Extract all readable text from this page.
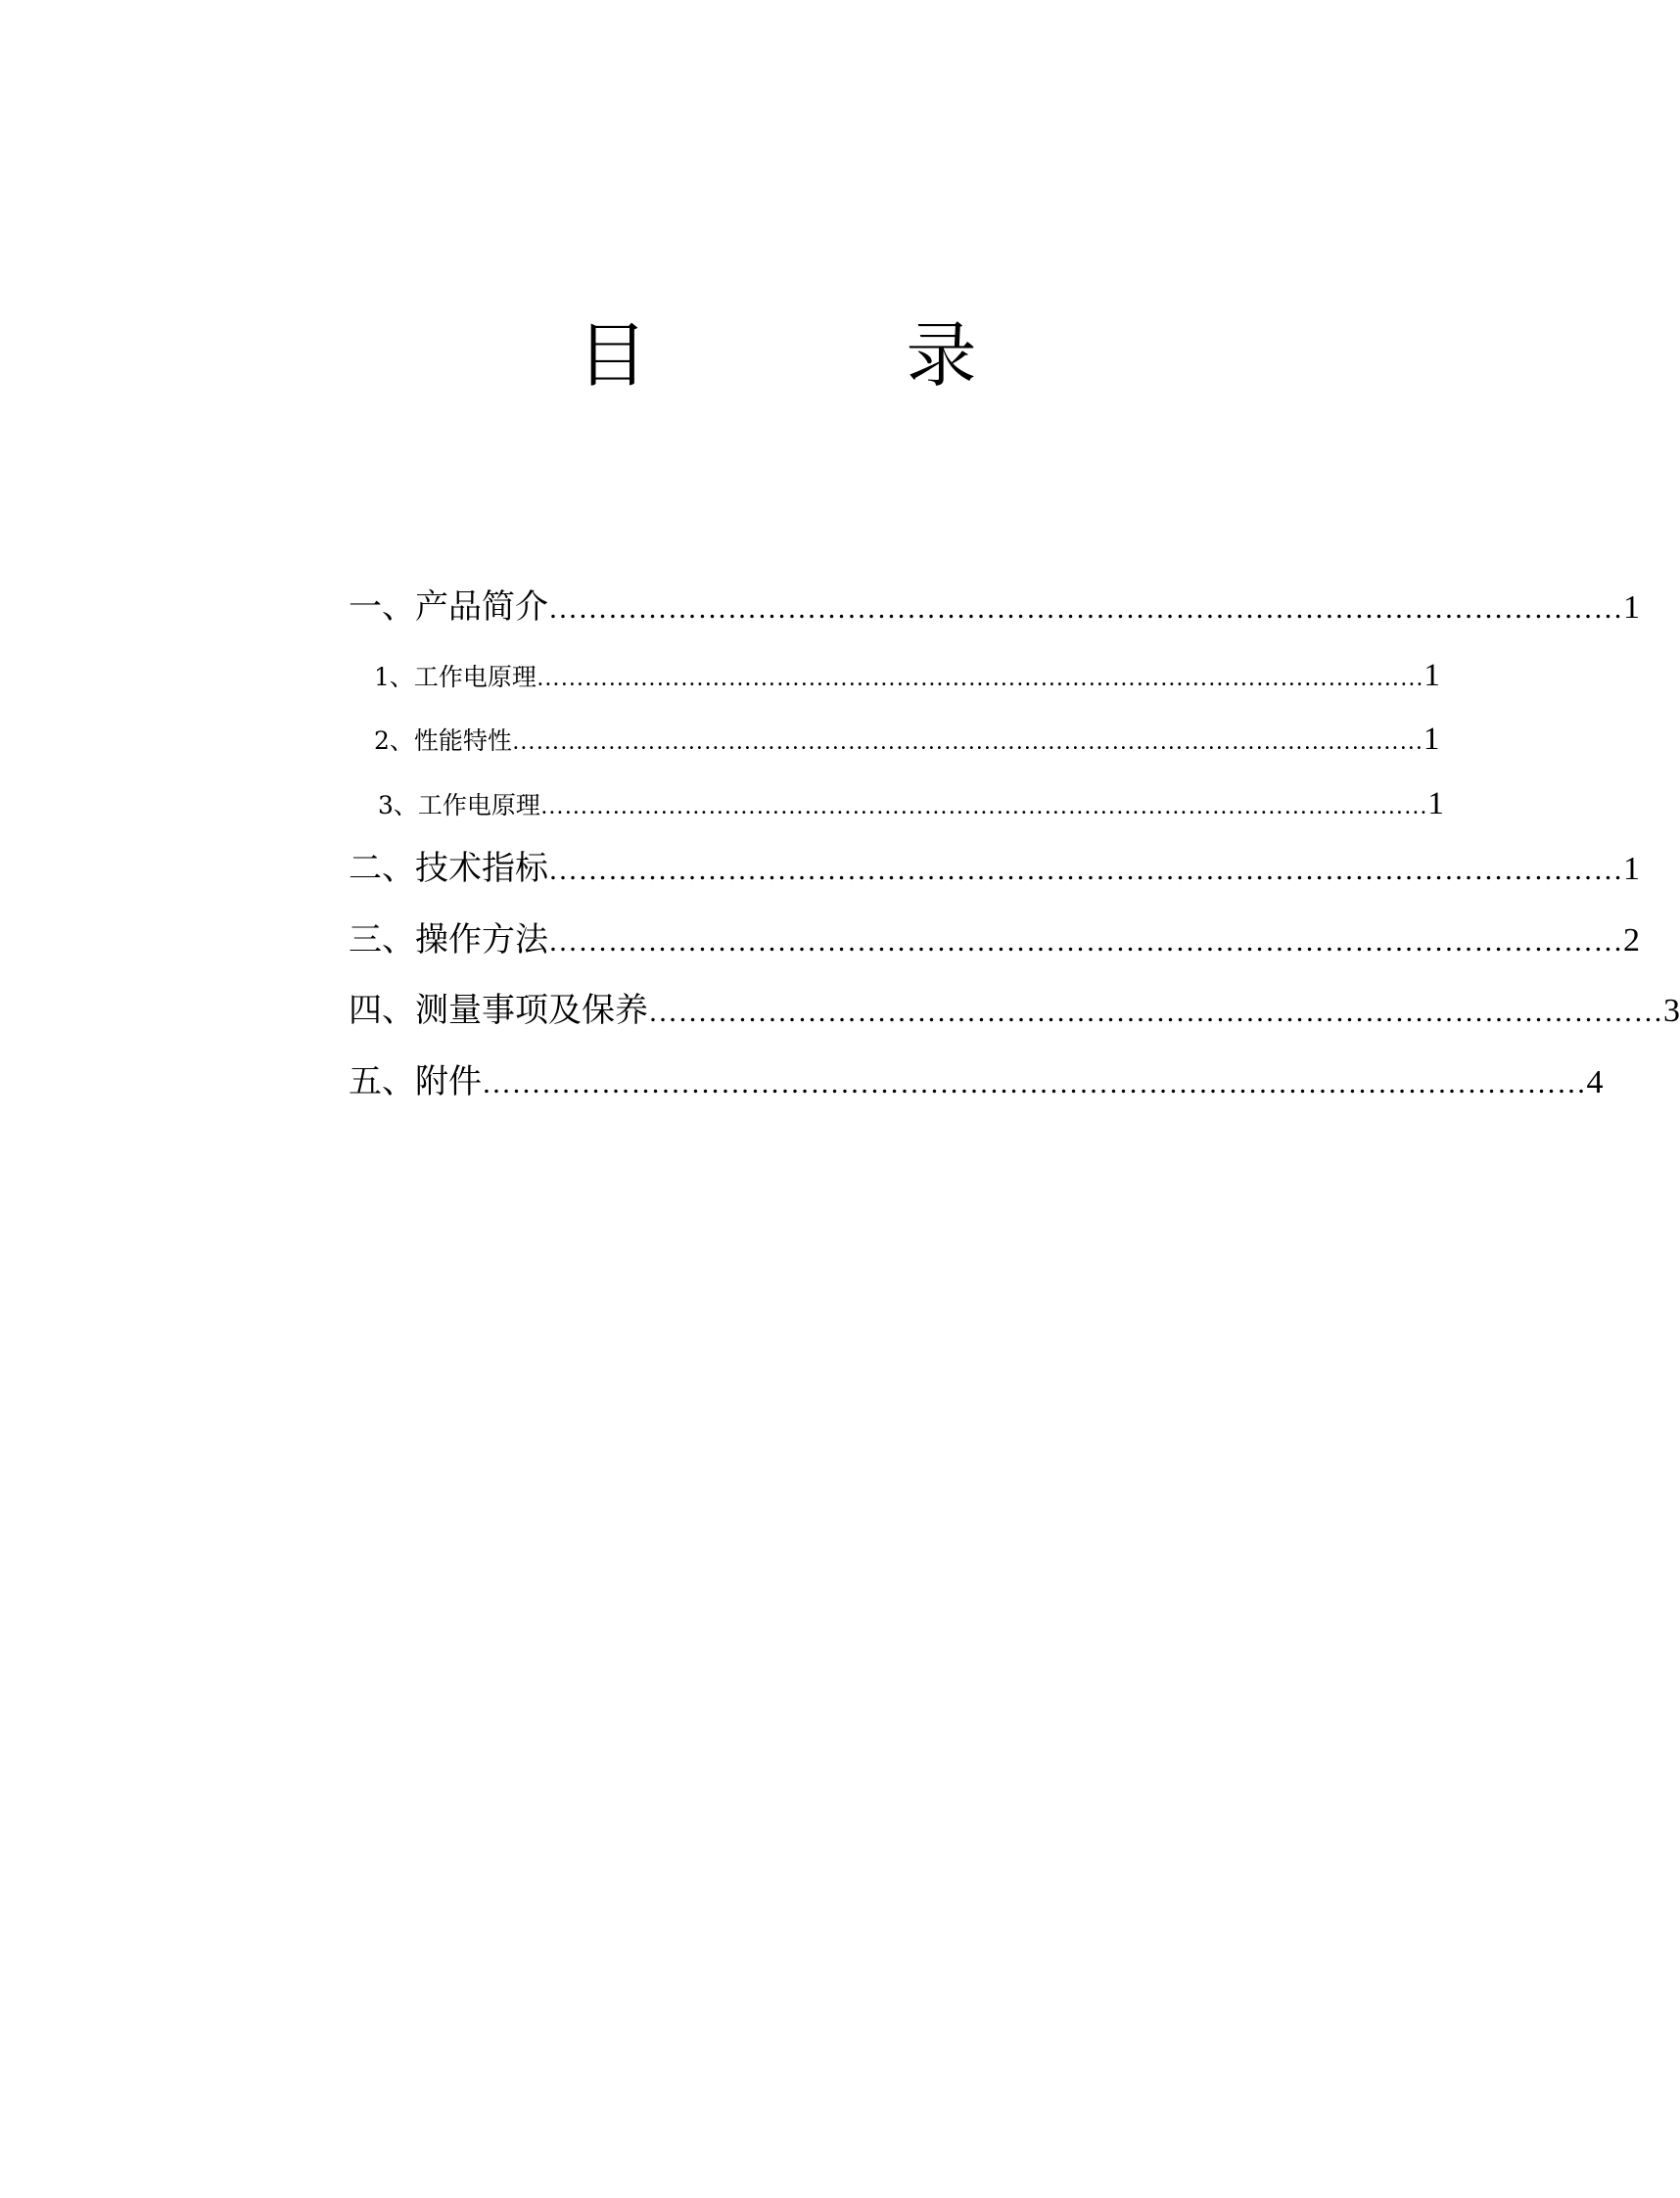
目　录
一、产品简介 ……………………………………………………………………………………………… 1
1、工作电原理 ………………………………………………………………………………………………… 1
2、性能特性 …………………………………………………………………………………………………… 1
3、工作电原理 ………………………………………………………………………………………………… 1
二、技术指标 ……………………………………………………………………………………………… 1
三、操作方法 ……………………………………………………………………………………………… 2
四、测量事项及保养 ………………………………………………………………………………………… 3
五、附件 ………………………………………………………………………………………………… 4
